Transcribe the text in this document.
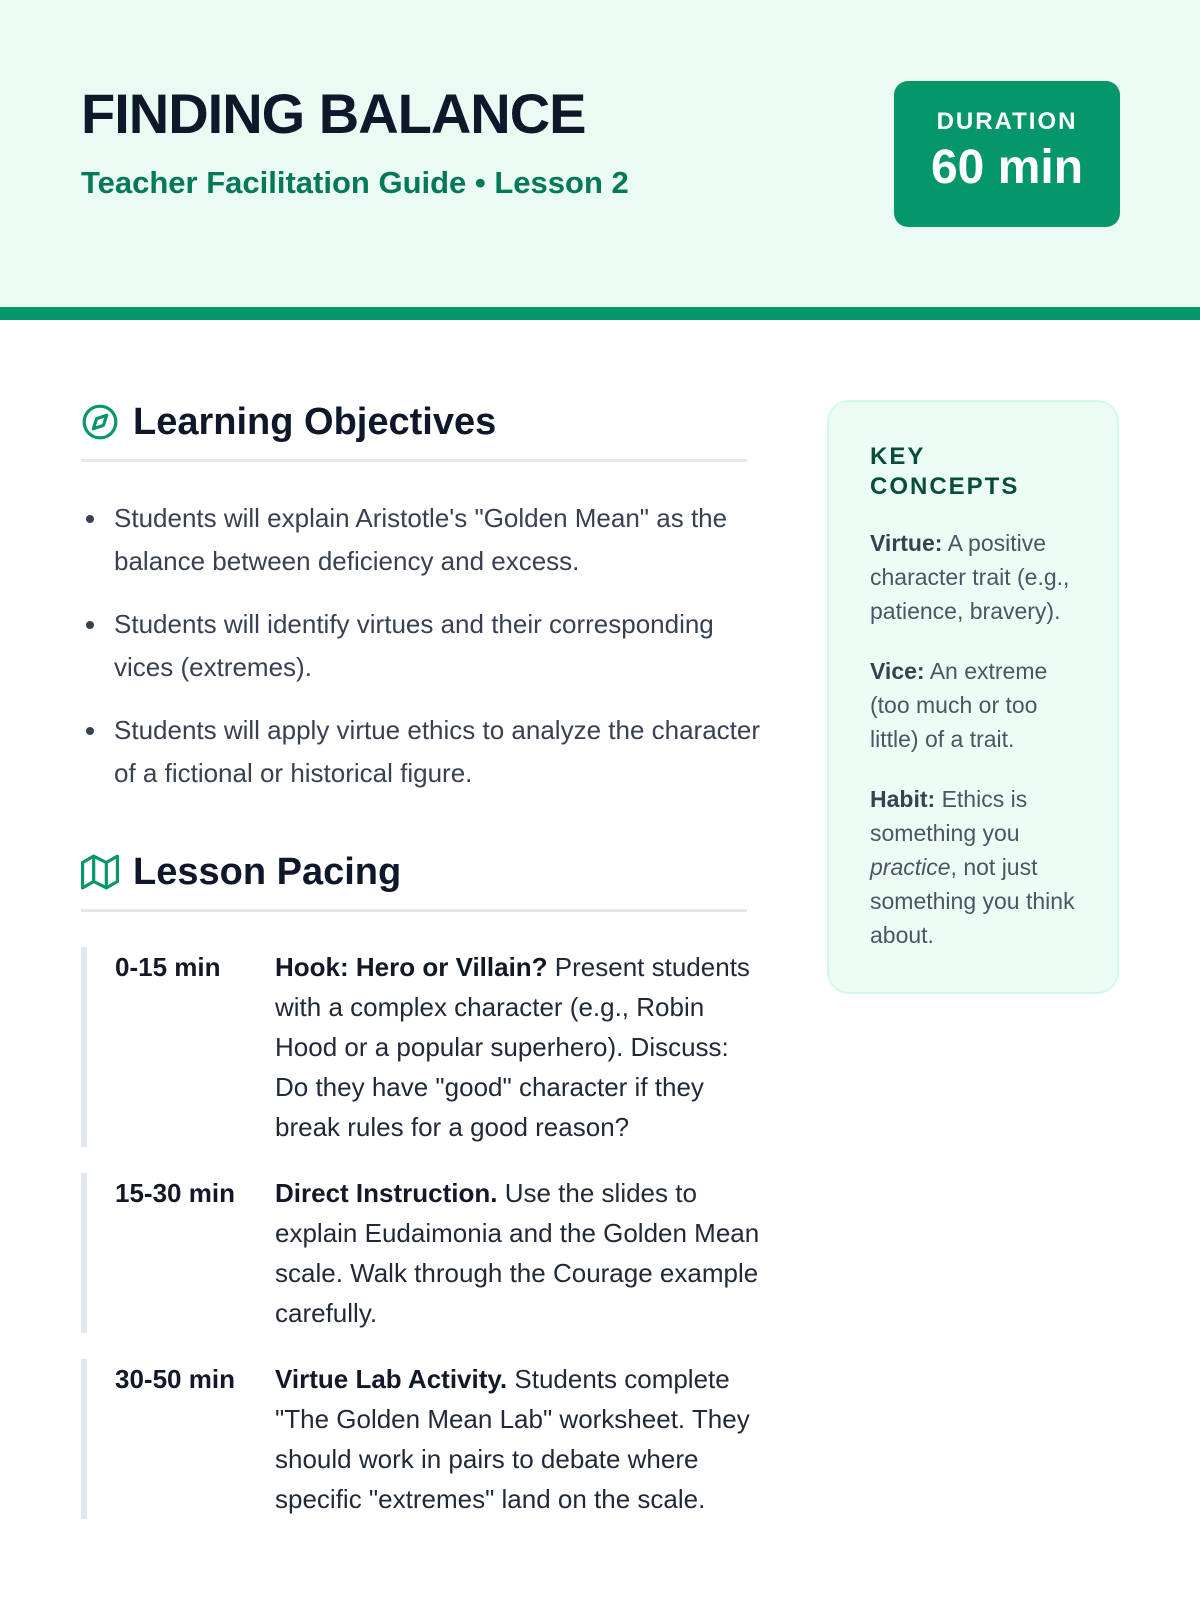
FINDING BALANCE
Teacher Facilitation Guide • Lesson 2
DURATION
60 min
Learning Objectives
Students will explain Aristotle's "Golden Mean" as the balance between deficiency and excess.
Students will identify virtues and their corresponding vices (extremes).
Students will apply virtue ethics to analyze the character of a fictional or historical figure.
Lesson Pacing
0-15 min	Hook: Hero or Villain? Present students with a complex character (e.g., Robin Hood or a popular superhero). Discuss: Do they have "good" character if they break rules for a good reason?
15-30 min	Direct Instruction. Use the slides to explain Eudaimonia and the Golden Mean scale. Walk through the Courage example carefully.
30-50 min	Virtue Lab Activity. Students complete "The Golden Mean Lab" worksheet. They should work in pairs to debate where specific "extremes" land on the scale.
KEY CONCEPTS

Virtue: A positive character trait (e.g., patience, bravery).

Vice: An extreme (too much or too little) of a trait.

Habit: Ethics is something you practice, not just something you think about.
